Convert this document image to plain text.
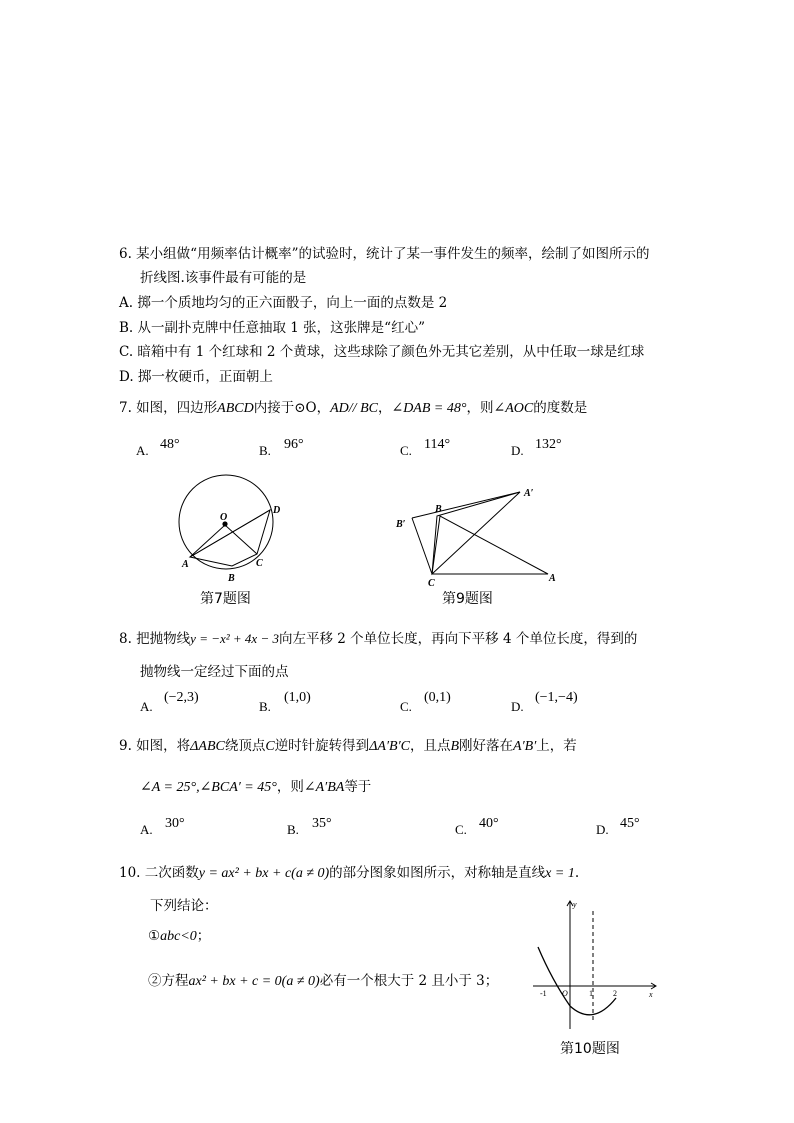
6. 某小组做“用频率估计概率”的试验时，统计了某一事件发生的频率，绘制了如图所示的
折线图.该事件最有可能的是
A. 掷一个质地均匀的正六面骰子，向上一面的点数是 2
B. 从一副扑克牌中任意抽取 1 张，这张牌是“红心”
C. 暗箱中有 1 个红球和 2 个黄球，这些球除了颜色外无其它差别，从中任取一球是红球
D. 掷一枚硬币，正面朝上
7. 如图，四边形ABCD内接于⊙O，AD// BC，∠DAB = 48°，则∠AOC的度数是
A. 48°	B. 96°	C. 114°	D. 132°
O
A
B
C
D
第7题图
B
B′
A′
C	A
第9题图
8. 把抛物线y = −x² + 4x − 3向左平移 2 个单位长度，再向下平移 4 个单位长度，得到的
抛物线一定经过下面的点
A.
(−2,3)
B.
(1,0)
C.
(0,1)
D.
(−1,−4)
9. 如图，将ΔABC绕顶点C逆时针旋转得到ΔA′B′C，且点B刚好落在A′B′上，若
∠A = 25°,∠BCA′ = 45°，则∠A′BA等于
A. 30°	B. 35°	C. 40°	D. 45°
10. 二次函数y = ax² + bx + c(a ≠ 0)的部分图象如图所示，对称轴是直线x = 1.
下列结论：
①abc<0；
②方程ax² + bx + c = 0(a ≠ 0)必有一个根大于 2 且小于 3；
y
x
O
-1	1	2
第10题图
